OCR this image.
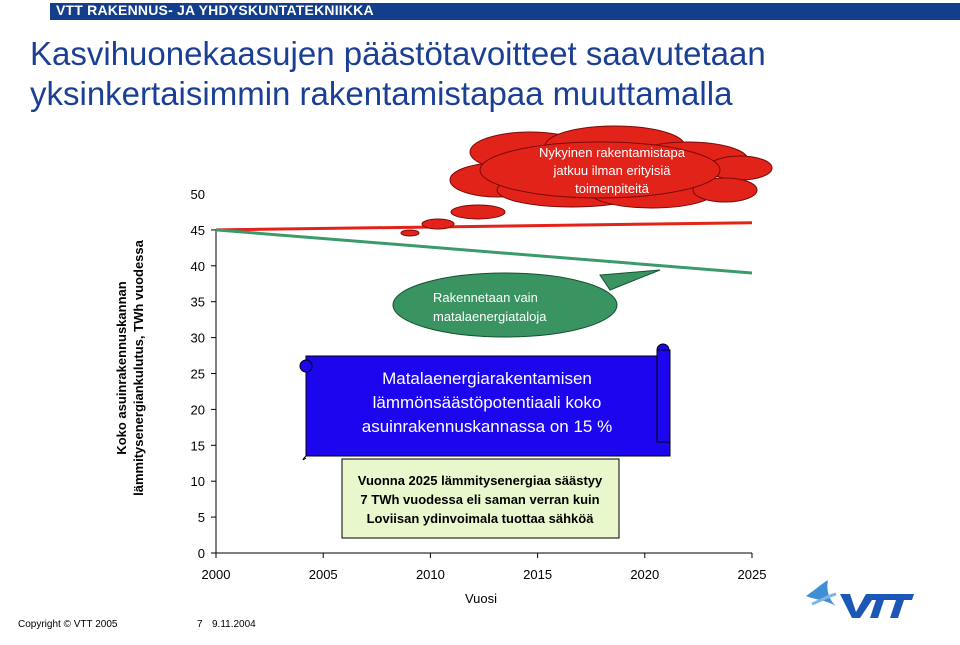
VTT RAKENNUS- JA YHDYSKUNTATEKNIIKKA
Kasvihuonekaasujen päästötavoitteet saavutetaan
yksinkertaisimmin rakentamistapaa muuttamalla
0
5
10
15
20
25
30
35
40
45
50
2000	2005	2010	2015	2020	2025
Vuosi
Koko asuinrakennuskannan lämmitysenergiankulutus, TWh vuodessa
Nykyinen rakentamistapa
jatkuu ilman erityisiä
toimenpiteitä
Rakennetaan vain
matalaenergiataloja
Matalaenergiarakentamisen
lämmönsäästöpotentiaali koko
asuinrakennuskannassa on 15 %
Vuonna 2025 lämmitysenergiaa säästyy
7 TWh vuodessa eli saman verran kuin
Loviisan ydinvoimala tuottaa sähköä
Copyright © VTT 2005	7 9.11.2004
